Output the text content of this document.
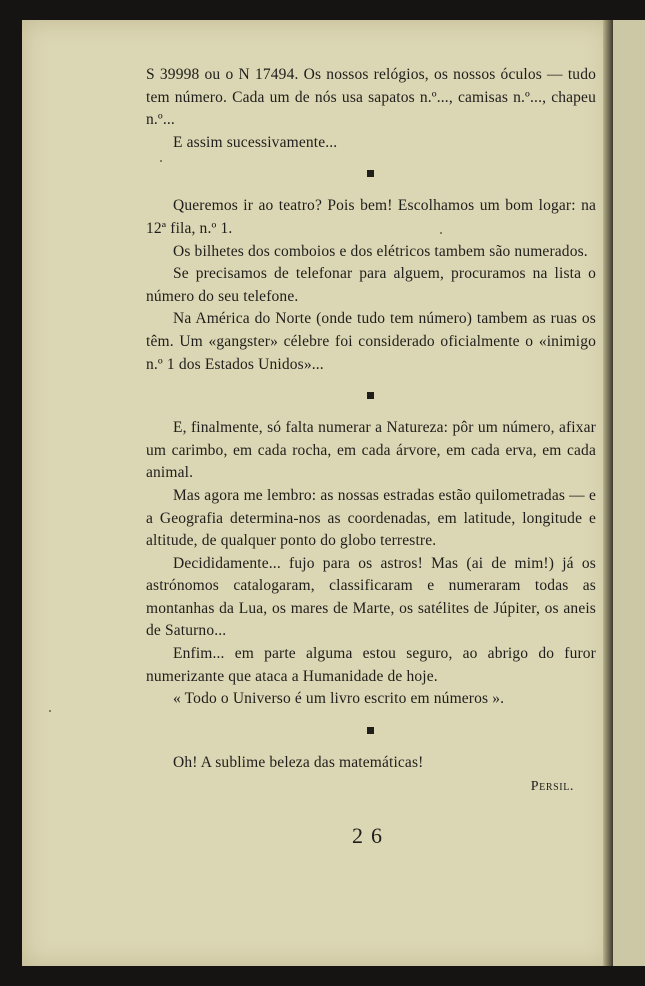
S 39998 ou o N 17494. Os nossos relógios, os nossos óculos — tudo tem número. Cada um de nós usa sapatos n.º..., camisas n.º..., chapeu n.º...

E assim sucessivamente...

Queremos ir ao teatro? Pois bem! Escolhamos um bom logar: na 12ª fila, n.º 1.

Os bilhetes dos comboios e dos elétricos tambem são numerados.

Se precisamos de telefonar para alguem, procuramos na lista o número do seu telefone.

Na América do Norte (onde tudo tem número) tambem as ruas os têm. Um «gangster» célebre foi considerado oficialmente o «inimigo n.º 1 dos Estados Unidos»...

E, finalmente, só falta numerar a Natureza: pôr um número, afixar um carimbo, em cada rocha, em cada árvore, em cada erva, em cada animal.

Mas agora me lembro: as nossas estradas estão quilometradas — e a Geografia determina-nos as coordenadas, em latitude, longitude e altitude, de qualquer ponto do globo terrestre.

Decididamente... fujo para os astros! Mas (ai de mim!) já os astrónomos catalogaram, classificaram e numeraram todas as montanhas da Lua, os mares de Marte, os satélites de Júpiter, os aneis de Saturno...

Enfim... em parte alguma estou seguro, ao abrigo do furor numerizante que ataca a Humanidade de hoje.

« Todo o Universo é um livro escrito em números ».

Oh! A sublime beleza das matemáticas!

Persil.
26
